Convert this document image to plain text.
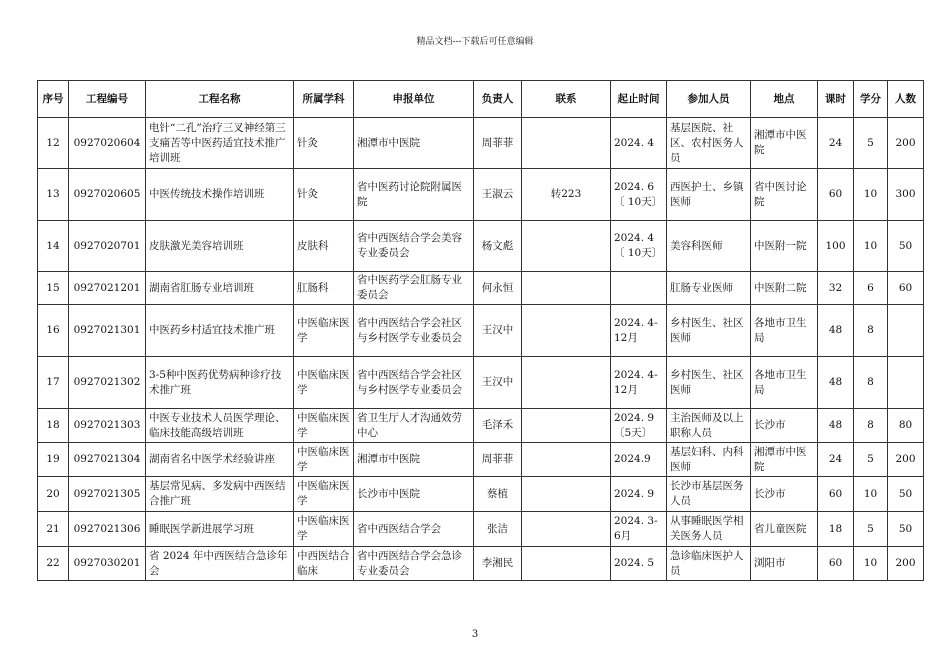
精品文档---下载后可任意编辑
序号	工程编号	工程名称	所属学科	申报单位	负责人	联系	起止时间	参加人员	地点	课时	学分	人数
12	0927020604	电针“二孔”治疗三叉神经第三支痛苦等中医药适宜技术推广培训班	针灸	湘潭市中医院	周菲菲		2024. 4	基层医院、社区、农村医务人员	湘潭市中医院	24	5	200
13	0927020605	中医传统技术操作培训班	针灸	省中医药讨论院附属医院	王淑云	转223	2024. 6〔 10天〕	西医护士、乡镇医师	省中医讨论院	60	10	300
14	0927020701	皮肤激光美容培训班	皮肤科	省中西医结合学会美容专业委员会	杨文彪		2024. 4〔 10天〕	美容科医师	中医附一院	100	10	50
15	0927021201	湖南省肛肠专业培训班	肛肠科	省中医药学会肛肠专业委员会	何永恒			肛肠专业医师	中医附二院	32	6	60
16	0927021301	中医药乡村适宜技术推广班	中医临床医学	省中西医结合学会社区与乡村医学专业委员会	王汉中		2024. 4-12月	乡村医生、社区医师	各地市卫生局	48	8	
17	0927021302	3-5种中医药优势病种诊疗技术推广班	中医临床医学	省中西医结合学会社区与乡村医学专业委员会	王汉中		2024. 4-12月	乡村医生、社区医师	各地市卫生局	48	8	
18	0927021303	中医专业技术人员医学理论、临床技能高级培训班	中医临床医学	省卫生厅人才沟通效劳中心	毛泽禾		2024. 9〔5天〕	主治医师及以上职称人员	长沙市	48	8	80
19	0927021304	湖南省名中医学术经验讲座	中医临床医学	湘潭市中医院	周菲菲		2024.9	基层妇科、内科医师	湘潭市中医院	24	5	200
20	0927021305	基层常见病、多发病中西医结合推广班	中医临床医学	长沙市中医院	蔡植		2024. 9	长沙市基层医务人员	长沙市	60	10	50
21	0927021306	睡眠医学新进展学习班	中医临床医学	省中西医结合学会	张洁		2024. 3-6月	从事睡眠医学相关医务人员	省儿童医院	18	5	50
22	0927030201	省 2024 年中西医结合急诊年会	中西医结合临床	省中西医结合学会急诊专业委员会	李湘民		2024. 5	急诊临床医护人员	浏阳市	60	10	200
3
